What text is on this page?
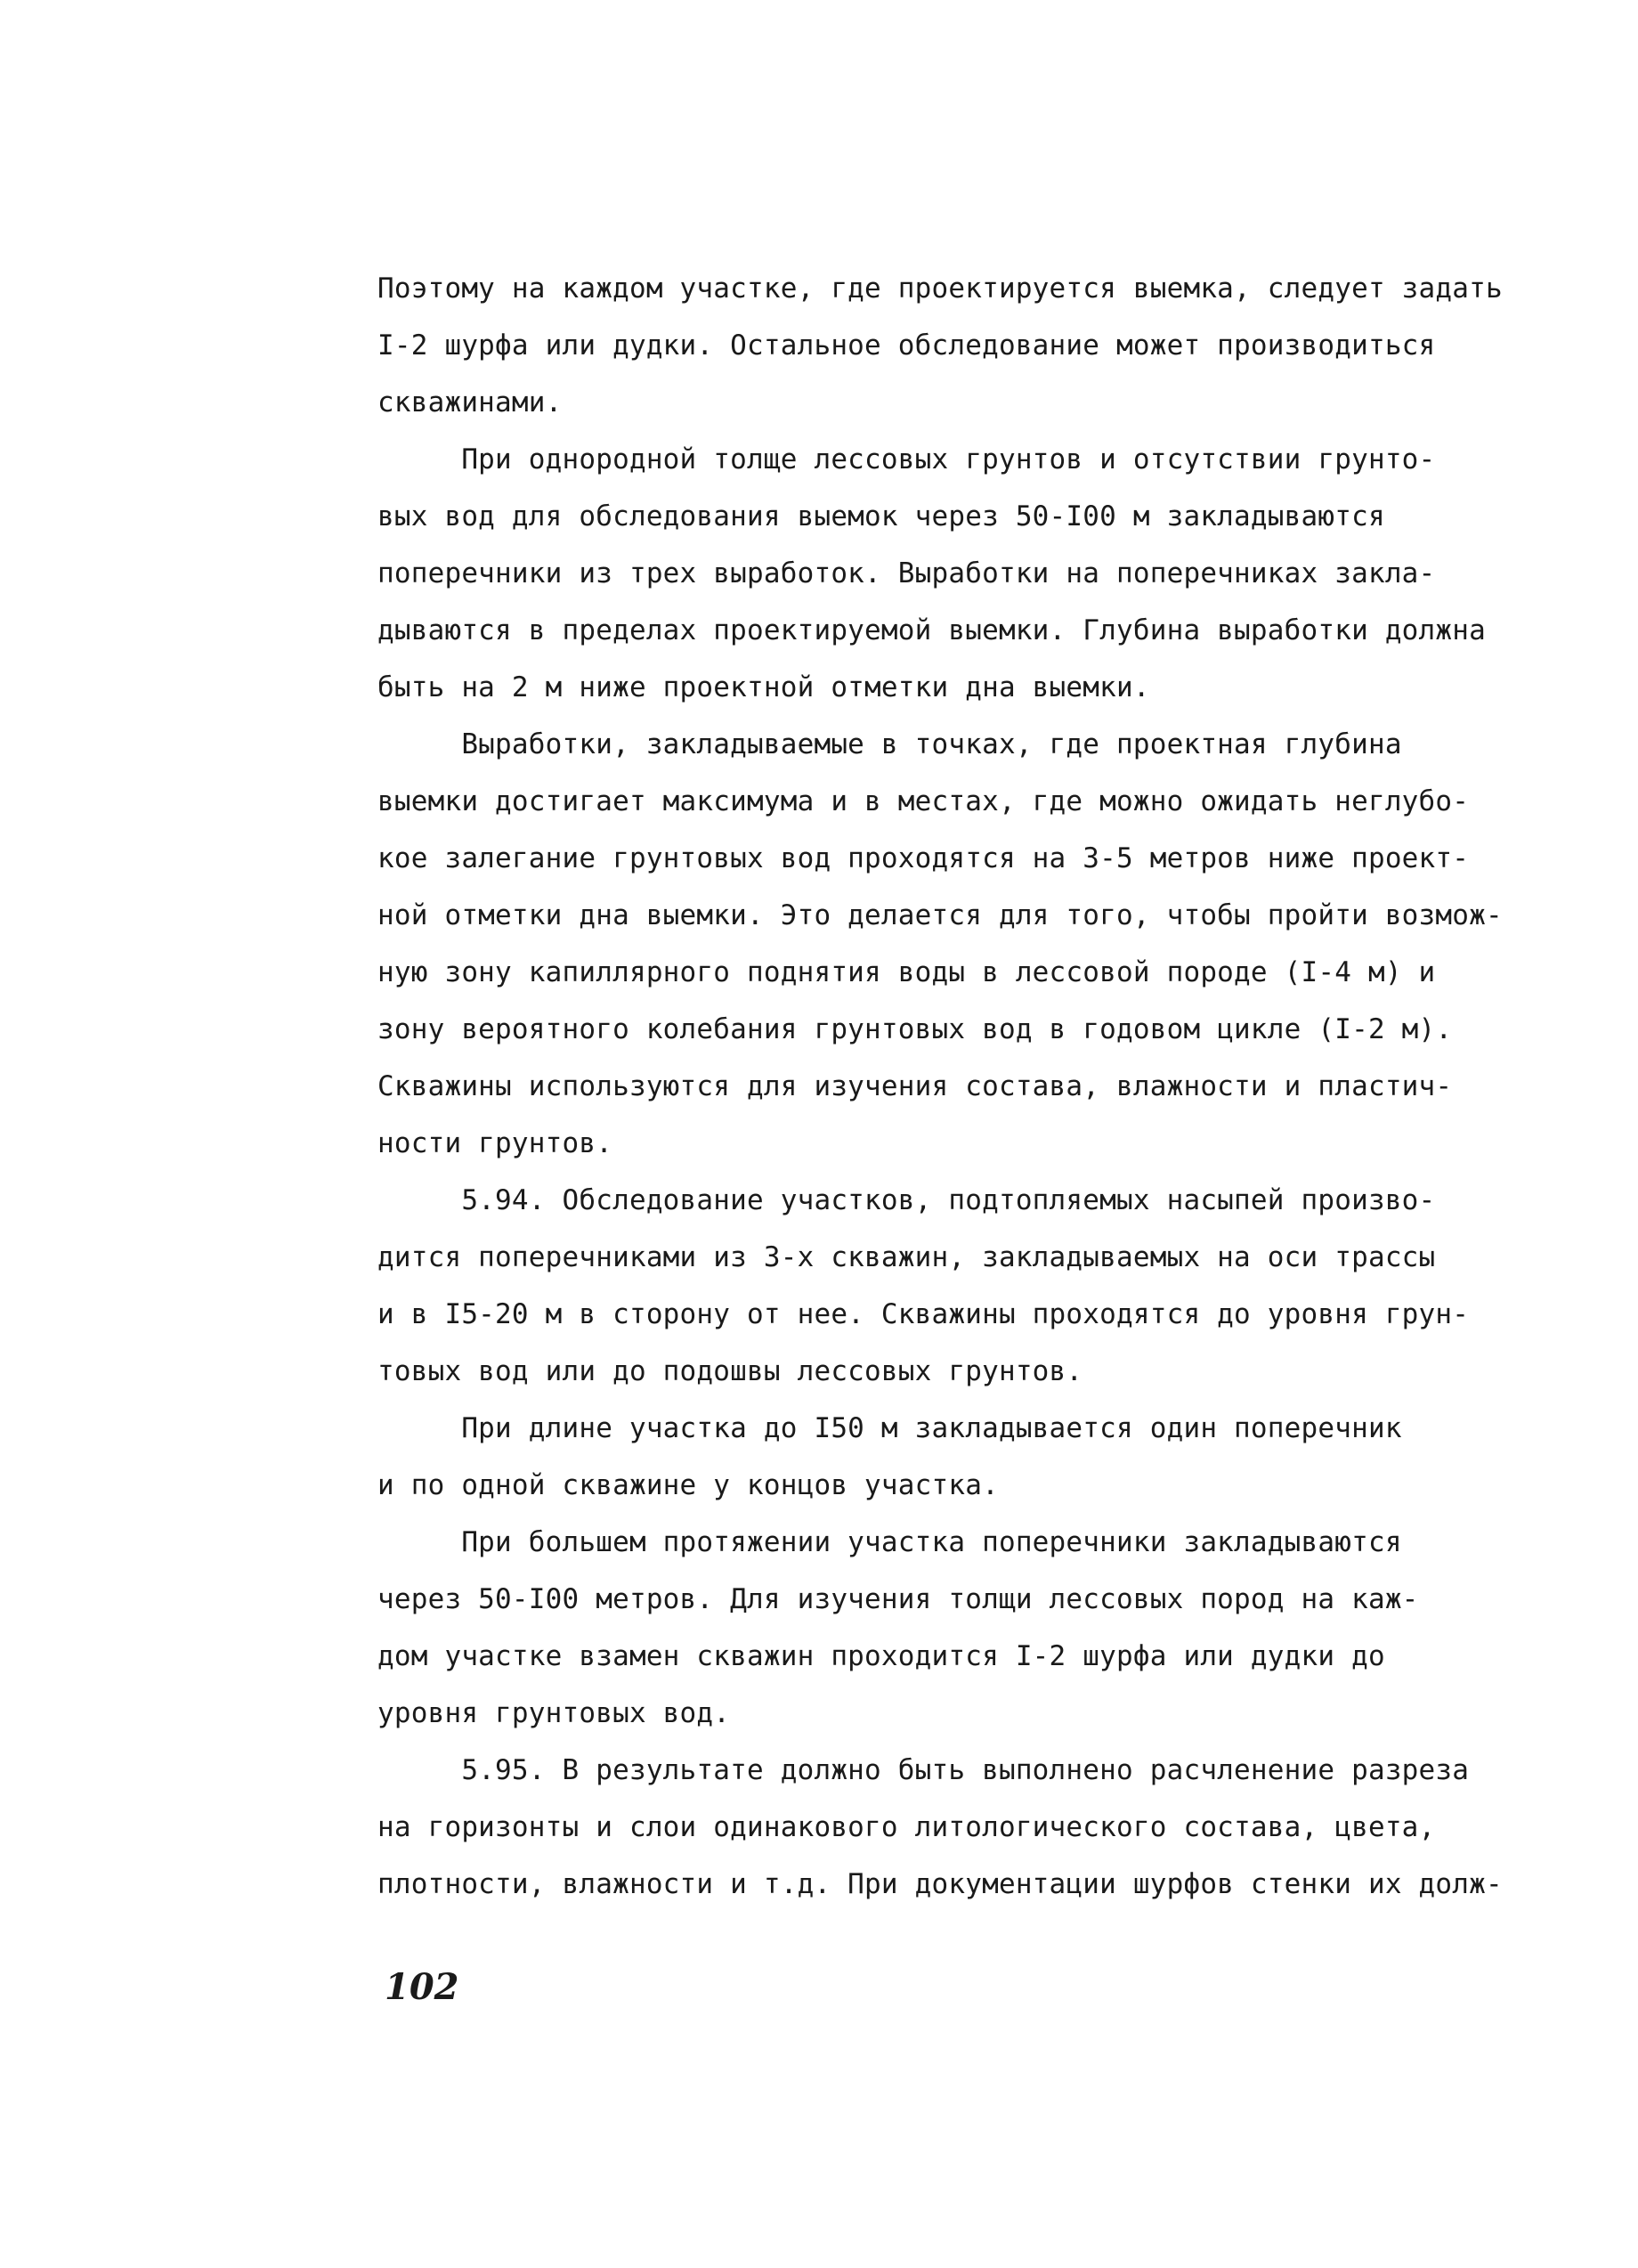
Поэтому на каждом участке, где проектируется выемка, следует задать
I-2 шурфа или дудки. Остальное обследование может производиться
скважинами.
При однородной толще лессовых грунтов и отсутствии грунто-
вых вод для обследования выемок через 50-I00 м закладываются
поперечники из трех выработок. Выработки на поперечниках закла-
дываются в пределах проектируемой выемки. Глубина выработки должна
быть на 2 м ниже проектной отметки дна выемки.
Выработки, закладываемые в точках, где проектная глубина
выемки достигает максимума и в местах, где можно ожидать неглубо-
кое залегание грунтовых вод проходятся на 3-5 метров ниже проект-
ной отметки дна выемки. Это делается для того, чтобы пройти возмож-
ную зону капиллярного поднятия воды в лессовой породе (I-4 м) и
зону вероятного колебания грунтовых вод в годовом цикле (I-2 м).
Скважины используются для изучения состава, влажности и пластич-
ности грунтов.
5.94. Обследование участков, подтопляемых насыпей произво-
дится поперечниками из 3-х скважин, закладываемых на оси трассы
и в I5-20 м в сторону от нее. Скважины проходятся до уровня грун-
товых вод или до подошвы лессовых грунтов.
При длине участка до I50 м закладывается один поперечник
и по одной скважине у концов участка.
При большем протяжении участка поперечники закладываются
через 50-I00 метров. Для изучения толщи лессовых пород на каж-
дом участке взамен скважин проходится I-2 шурфа или дудки до
уровня грунтовых вод.
5.95. В результате должно быть выполнено расчленение разреза
на горизонты и слои одинакового литологического состава, цвета,
плотности, влажности и т.д. При документации шурфов стенки их долж-
102
